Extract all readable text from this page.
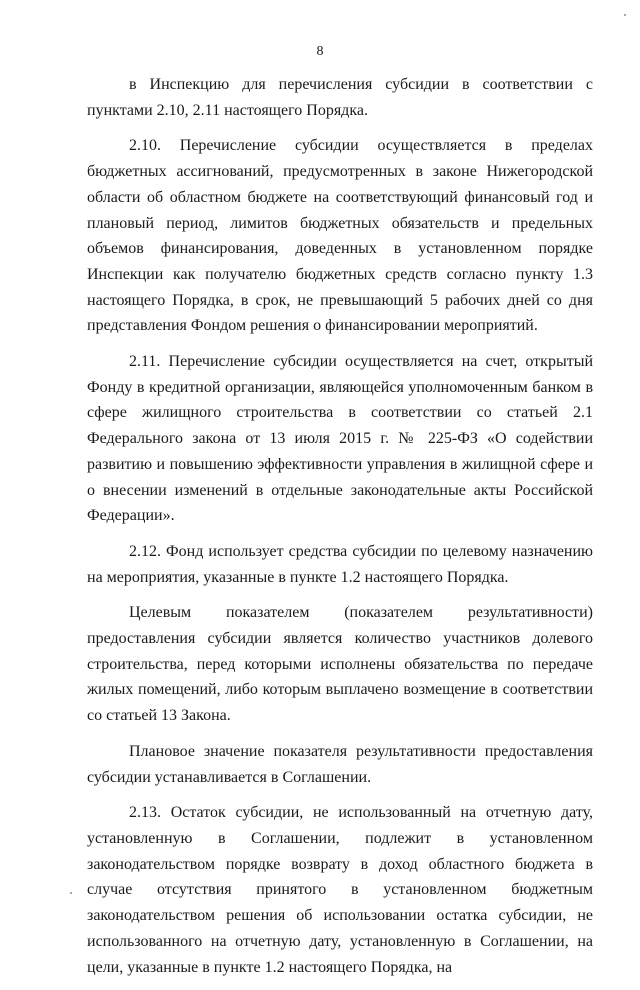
8

в Инспекцию для перечисления субсидии в соответствии с пунктами 2.10, 2.11 настоящего Порядка.

2.10. Перечисление субсидии осуществляется в пределах бюджетных ассигнований, предусмотренных в законе Нижегородской области об областном бюджете на соответствующий финансовый год и плановый период, лимитов бюджетных обязательств и предельных объемов финансирования, доведенных в установленном порядке Инспекции как получателю бюджетных средств согласно пункту 1.3 настоящего Порядка, в срок, не превышающий 5 рабочих дней со дня представления Фондом решения о финансировании мероприятий.

2.11. Перечисление субсидии осуществляется на счет, открытый Фонду в кредитной организации, являющейся уполномоченным банком в сфере жилищного строительства в соответствии со статьей 2.1 Федерального закона от 13 июля 2015 г. № 225-ФЗ «О содействии развитию и повышению эффективности управления в жилищной сфере и о внесении изменений в отдельные законодательные акты Российской Федерации».

2.12. Фонд использует средства субсидии по целевому назначению на мероприятия, указанные в пункте 1.2 настоящего Порядка.

Целевым показателем (показателем результативности) предоставления субсидии является количество участников долевого строительства, перед которыми исполнены обязательства по передаче жилых помещений, либо которым выплачено возмещение в соответствии со статьей 13 Закона.

Плановое значение показателя результативности предоставления субсидии устанавливается в Соглашении.

2.13. Остаток субсидии, не использованный на отчетную дату, установленную в Соглашении, подлежит в установленном законодательством порядке возврату в доход областного бюджета в случае отсутствия принятого в установленном бюджетным законодательством решения об использовании остатка субсидии, не использованного на отчетную дату, установленную в Соглашении, на цели, указанные в пункте 1.2 настоящего Порядка, на
